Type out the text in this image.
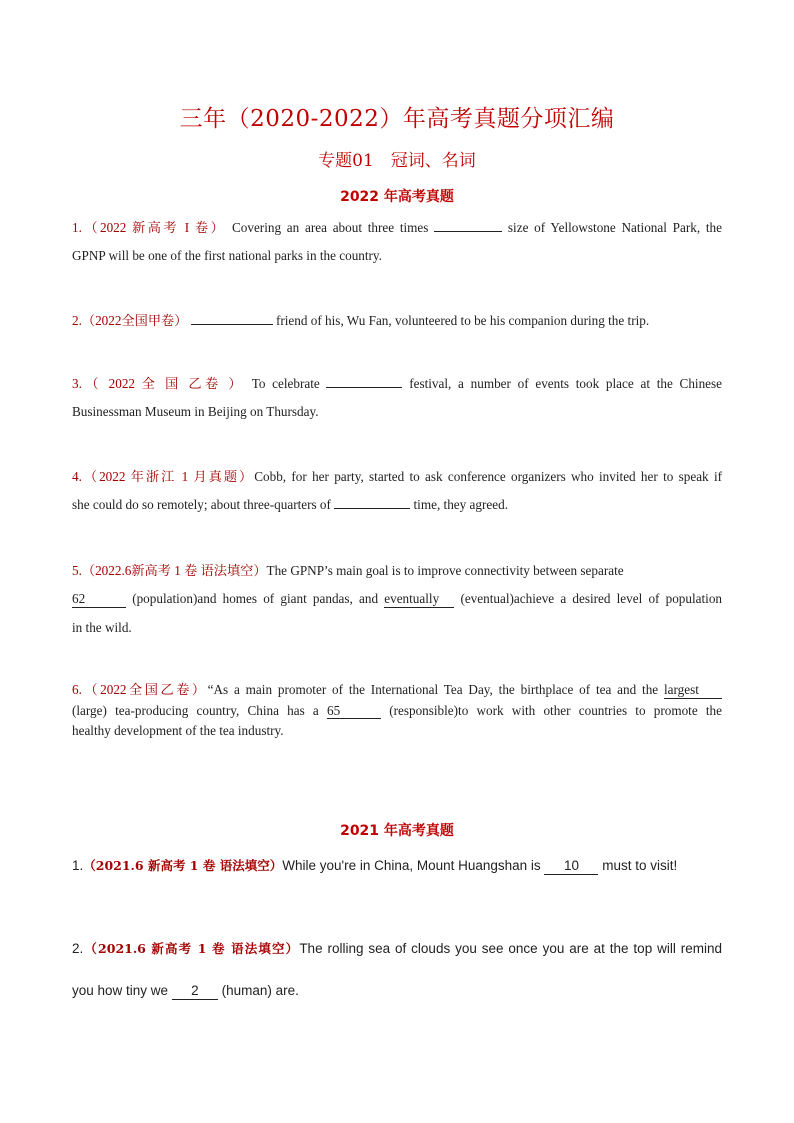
三年（2020-2022）年高考真题分项汇编
专题01　冠词、名词
2022 年高考真题
1.（2022 新高考 I 卷） Covering an area about three times	size of Yellowstone National Park, the
GPNP will be one of the first national parks in the country.
2.（2022全国甲卷）	friend of his, Wu Fan, volunteered to be his companion during the trip.
3.（ 2022 全 国 乙卷 ） To celebrate	festival, a number of events took place at the Chinese
Businessman Museum in Beijing on Thursday.
4.（2022 年浙江 1 月真题）Cobb, for her party, started to ask conference organizers who invited her to speak if
she could do so remotely; about three-quarters of	time, they agreed.
5.（2022.6新高考 1 卷 语法填空）The GPNP’s main goal is to improve connectivity between separate
62	(population)and homes of giant pandas, and eventually (eventual)achieve a desired level of population
in the wild.
6.（2022全国乙卷）“As a main promoter of the International Tea Day, the birthplace of tea and the largest
(large) tea-producing country, China has a 65	(responsible)to work with other countries to promote the
healthy development of the tea industry.
2021 年高考真题
1.（2021.6 新高考 1 卷 语法填空）While you're in China, Mount Huangshan is 10 must to visit!
2.（2021.6 新高考 1 卷 语法填空）The rolling sea of clouds you see once you are at the top will remind
you how tiny we 2 (human) are.
